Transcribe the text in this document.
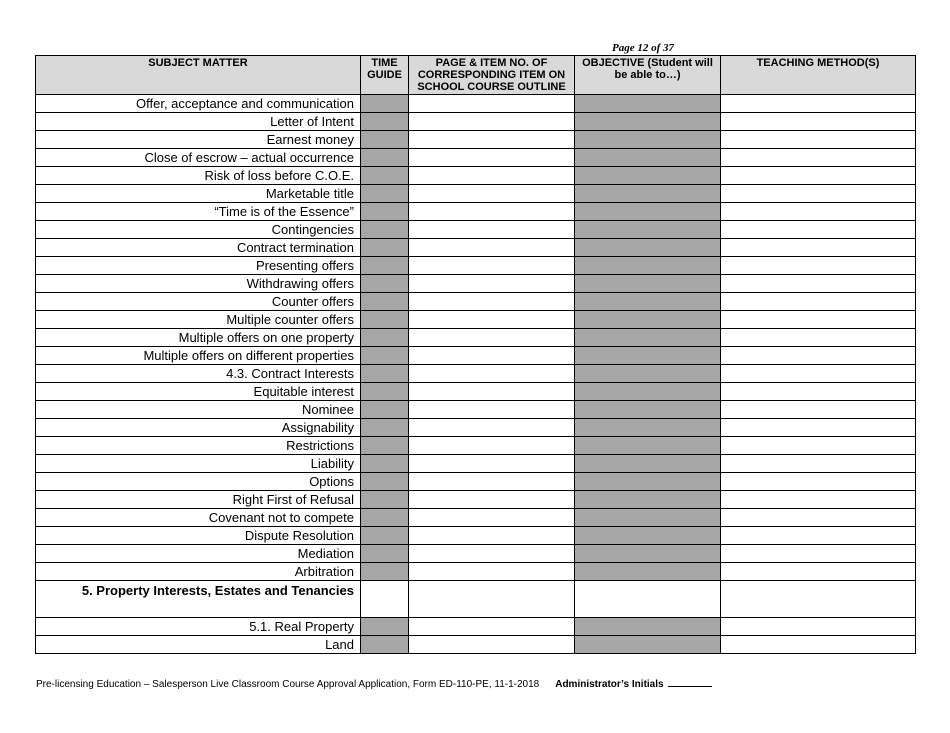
Page 12 of 37
SUBJECT MATTER	TIME GUIDE	PAGE & ITEM NO. OF CORRESPONDING ITEM ON SCHOOL COURSE OUTLINE	OBJECTIVE (Student will be able to…)	TEACHING METHOD(S)
Offer, acceptance and communication				
Letter of Intent				
Earnest money				
Close of escrow – actual occurrence				
Risk of loss before C.O.E.				
Marketable title				
“Time is of the Essence”				
Contingencies				
Contract termination				
Presenting offers				
Withdrawing offers				
Counter offers				
Multiple counter offers				
Multiple offers on one property				
Multiple offers on different properties				
4.3. Contract Interests				
Equitable interest				
Nominee				
Assignability				
Restrictions				
Liability				
Options				
Right First of Refusal				
Covenant not to compete				
Dispute Resolution				
Mediation				
Arbitration				
5. Property Interests, Estates and Tenancies				
5.1. Real Property				
Land				
Pre-licensing Education – Salesperson Live Classroom Course Approval Application, Form ED-110-PE, 11-1-2018 Administrator’s Initials
